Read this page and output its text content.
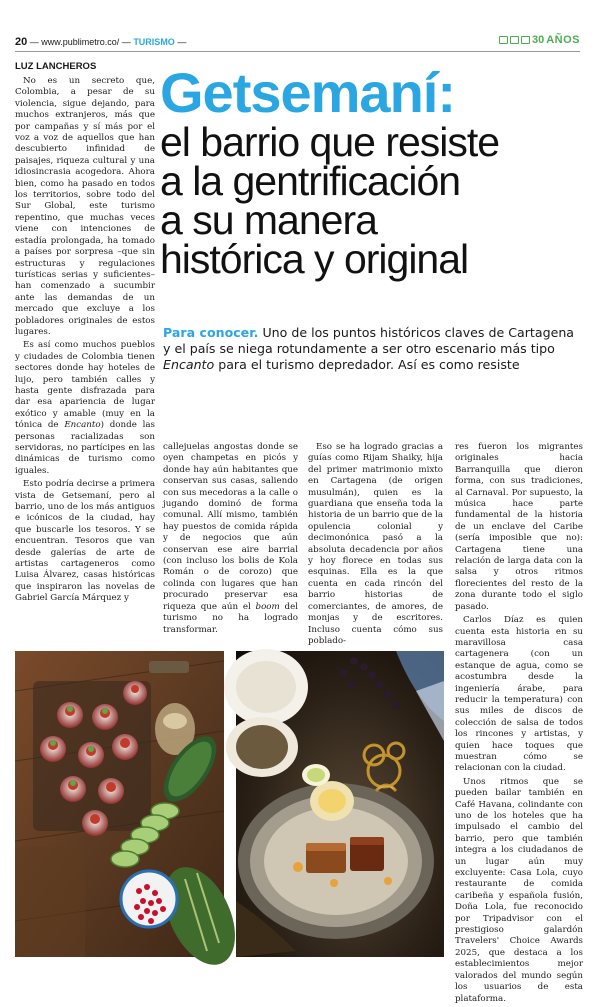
20 — www.publimetro.co/ — TURISMO —	30 AÑOS
LUZ LANCHEROS Getsemaní:
el barrio que resiste
a la gentrificación
a su manera
histórica y original
Para conocer. Uno de los puntos históricos claves de Cartagena y el país se niega rotundamente a ser otro escenario más tipo Encanto para el turismo depredador. Así es como resiste

No es un secreto que, Colombia, a pesar de su violencia, sigue dejando, para muchos extranjeros, más que por campañas y sí más por el voz a voz de aquellos que han descubierto infinidad de paisajes, riqueza cultural y una idiosincrasia acogedora. Ahora bien, como ha pasado en todos los territorios, sobre todo del Sur Global, este turismo repentino, que muchas veces viene con intenciones de estadía prolongada, ha tomado a países por sorpresa –que sin estructuras y regulaciones turísticas serias y suficientes– han comenzado a sucumbir ante las demandas de un mercado que excluye a los pobladores originales de estos lugares.

Es así como muchos pueblos y ciudades de Colombia tienen sectores donde hay hoteles de lujo, pero también calles y hasta gente disfrazada para dar esa apariencia de lugar exótico y amable (muy en la tónica de Encanto) donde las personas racializadas son servidoras, no partícipes en las dinámicas de turismo como iguales.

Esto podría decirse a primera vista de Getsemaní, pero al barrio, uno de los más antiguos e icónicos de la ciudad, hay que buscarle los tesoros. Y se encuentran. Tesoros que van desde galerías de arte de artistas cartageneros como Luisa Álvarez, casas históricas que inspiraron las novelas de Gabriel García Márquez y

callejuelas angostas donde se oyen champetas en picós y donde hay aún habitantes que conservan sus casas, saliendo con sus mecedoras a la calle o jugando dominó de forma comunal. Allí mismo, también hay puestos de comida rápida y de negocios que aún conservan ese aire barrial (con incluso los bolis de Kola Román o de corozo) que colinda con lugares que han procurado preservar esa riqueza que aún el boom del turismo no ha logrado transformar.

Eso se ha logrado gracias a guías como Rijam Shaiky, hija del primer matrimonio mixto en Cartagena (de origen musulmán), quien es la guardiana que enseña toda la historia de un barrio que de la opulencia colonial y decimonónica pasó a la absoluta decadencia por años y hoy florece en todas sus esquinas. Ella es la que cuenta en cada rincón del barrio historias de comerciantes, de amores, de monjas y de escritores. Incluso cuenta cómo sus poblado-

res fueron los migrantes originales hacia Barranquilla que dieron forma, con sus tradiciones, al Carnaval. Por supuesto, la música hace parte fundamental de la historia de un enclave del Caribe (sería imposible que no): Cartagena tiene una relación de larga data con la salsa y otros ritmos florecientes del resto de la zona durante todo el siglo pasado.

Carlos Díaz es quien cuenta esta historia en su maravillosa casa cartagenera (con un estanque de agua, como se acostumbra desde la ingeniería árabe, para reducir la temperatura) con sus miles de discos de colección de salsa de todos los rincones y artistas, y quien hace toques que muestran cómo se relacionan con la ciudad.

Unos ritmos que se pueden bailar también en Café Havana, colindante con uno de los hoteles que ha impulsado el cambio del barrio, pero que también integra a los ciudadanos de un lugar aún muy excluyente: Casa Lola, cuyo restaurante de comida caribeña y española fusión, Doña Lola, fue reconocido por Tripadvisor con el prestigioso galardón Travelers' Choice Awards 2025, que destaca a los establecimientos mejor valorados del mundo según los usuarios de esta plataforma.
